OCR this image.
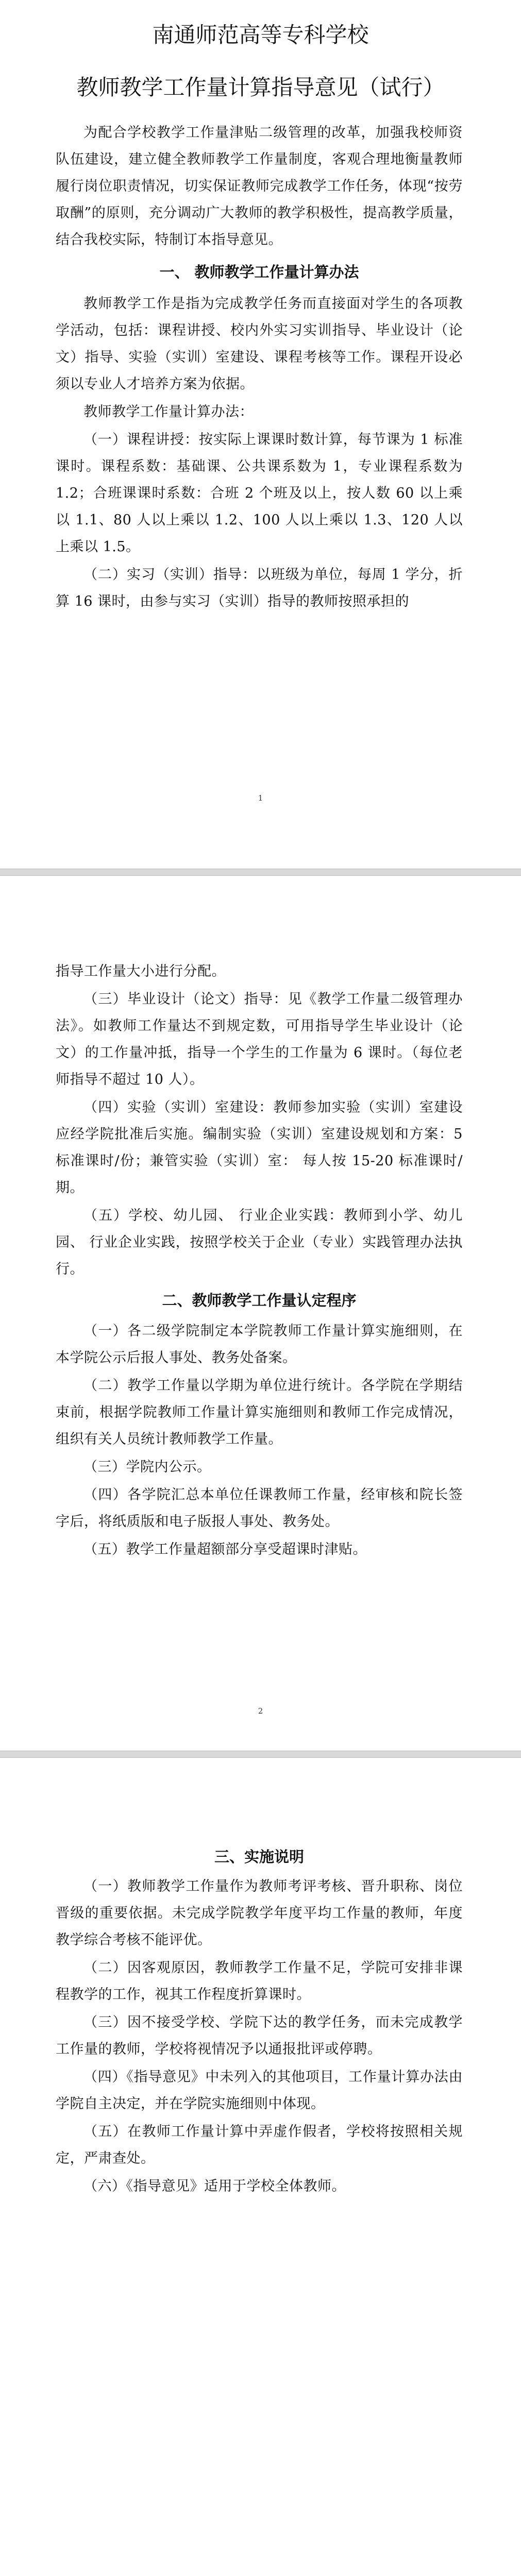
南通师范高等专科学校
教师教学工作量计算指导意见（试行）

为配合学校教学工作量津贴二级管理的改革，加强我校师资队伍建设，建立健全教师教学工作量制度，客观合理地衡量教师履行岗位职责情况，切实保证教师完成教学工作任务，体现“按劳取酬”的原则，充分调动广大教师的教学积极性，提高教学质量，结合我校实际，特制订本指导意见。

一、 教师教学工作量计算办法

教师教学工作是指为完成教学任务而直接面对学生的各项教学活动，包括：课程讲授、校内外实习实训指导、毕业设计（论文）指导、实验（实训）室建设、课程考核等工作。课程开设必须以专业人才培养方案为依据。

教师教学工作量计算办法：

（一）课程讲授：按实际上课课时数计算，每节课为 1 标准课时。课程系数：基础课、公共课系数为 1，专业课程系数为 1.2；合班课课时系数：合班 2 个班及以上，按人数 60 以上乘以 1.1、80 人以上乘以 1.2、100 人以上乘以 1.3、120 人以上乘以 1.5。

（二）实习（实训）指导：以班级为单位，每周 1 学分，折算 16 课时，由参与实习（实训）指导的教师按照承担的

1

指导工作量大小进行分配。

（三）毕业设计（论文）指导：见《教学工作量二级管理办法》。如教师工作量达不到规定数，可用指导学生毕业设计（论文）的工作量冲抵，指导一个学生的工作量为 6 课时。（每位老师指导不超过 10 人）。

（四）实验（实训）室建设：教师参加实验（实训）室建设应经学院批准后实施。编制实验（实训）室建设规划和方案：5 标准课时/份；兼管实验（实训）室： 每人按 15-20 标准课时/期。

（五）学校、幼儿园、 行业企业实践：教师到小学、幼儿园、 行业企业实践，按照学校关于企业（专业）实践管理办法执行。

二、教师教学工作量认定程序

（一）各二级学院制定本学院教师工作量计算实施细则，在本学院公示后报人事处、教务处备案。

（二）教学工作量以学期为单位进行统计。各学院在学期结束前，根据学院教师工作量计算实施细则和教师工作完成情况，组织有关人员统计教师教学工作量。

（三）学院内公示。

（四）各学院汇总本单位任课教师工作量，经审核和院长签字后，将纸质版和电子版报人事处、教务处。

（五）教学工作量超额部分享受超课时津贴。

2

三、实施说明

（一）教师教学工作量作为教师考评考核、晋升职称、岗位晋级的重要依据。未完成学院教学年度平均工作量的教师，年度教学综合考核不能评优。

（二）因客观原因，教师教学工作量不足，学院可安排非课程教学的工作，视其工作程度折算课时。

（三）因不接受学校、学院下达的教学任务，而未完成教学工作量的教师，学校将视情况予以通报批评或停聘。

（四）《指导意见》中未列入的其他项目，工作量计算办法由学院自主决定，并在学院实施细则中体现。

（五）在教师工作量计算中弄虚作假者，学校将按照相关规定，严肃查处。

（六）《指导意见》适用于学校全体教师。
